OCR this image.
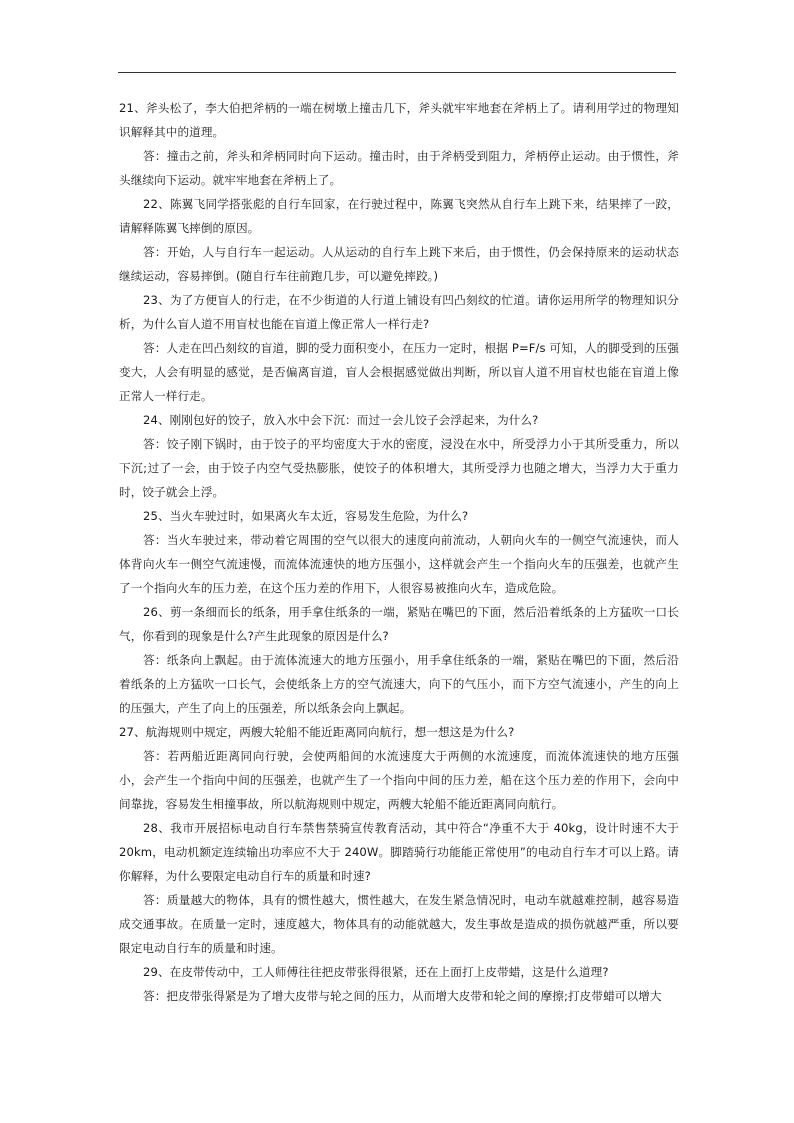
21、斧头松了，李大伯把斧柄的一端在树墩上撞击几下，斧头就牢牢地套在斧柄上了。请利用学过的物理知识解释其中的道理。

答：撞击之前，斧头和斧柄同时向下运动。撞击时，由于斧柄受到阻力，斧柄停止运动。由于惯性，斧头继续向下运动。就牢牢地套在斧柄上了。

22、陈翼飞同学搭张彪的自行车回家，在行驶过程中，陈翼飞突然从自行车上跳下来，结果摔了一跤，请解释陈翼飞摔倒的原因。

答：开始，人与自行车一起运动。人从运动的自行车上跳下来后，由于惯性，仍会保持原来的运动状态继续运动，容易摔倒。(随自行车往前跑几步，可以避免摔跤。)

23、为了方便盲人的行走，在不少街道的人行道上铺设有凹凸刻纹的忙道。请你运用所学的物理知识分析，为什么盲人道不用盲杖也能在盲道上像正常人一样行走?

答：人走在凹凸刻纹的盲道，脚的受力面积变小，在压力一定时，根据 P=F/s 可知，人的脚受到的压强变大，人会有明显的感觉，是否偏离盲道，盲人会根据感觉做出判断，所以盲人道不用盲杖也能在盲道上像正常人一样行走。

24、刚刚包好的饺子，放入水中会下沉：而过一会儿饺子会浮起来，为什么?

答：饺子刚下锅时，由于饺子的平均密度大于水的密度，浸没在水中，所受浮力小于其所受重力，所以下沉;过了一会，由于饺子内空气受热膨胀，使饺子的体积增大，其所受浮力也随之增大，当浮力大于重力时，饺子就会上浮。

25、当火车驶过时，如果离火车太近，容易发生危险，为什么?

答：当火车驶过来，带动着它周围的空气以很大的速度向前流动，人朝向火车的一侧空气流速快，而人体背向火车一侧空气流速慢，而流体流速快的地方压强小，这样就会产生一个指向火车的压强差，也就产生了一个指向火车的压力差，在这个压力差的作用下，人很容易被推向火车，造成危险。

26、剪一条细而长的纸条，用手拿住纸条的一端，紧贴在嘴巴的下面，然后沿着纸条的上方猛吹一口长气，你看到的现象是什么?产生此现象的原因是什么?

答：纸条向上飘起。由于流体流速大的地方压强小，用手拿住纸条的一端，紧贴在嘴巴的下面，然后沿着纸条的上方猛吹一口长气，会使纸条上方的空气流速大，向下的气压小，而下方空气流速小，产生的向上的压强大，产生了向上的压强差，所以纸条会向上飘起。

27、航海规则中规定，两艘大轮船不能近距离同向航行，想一想这是为什么?

答：若两船近距离同向行驶，会使两船间的水流速度大于两侧的水流速度，而流体流速快的地方压强小，会产生一个指向中间的压强差，也就产生了一个指向中间的压力差，船在这个压力差的作用下，会向中间靠拢，容易发生相撞事故，所以航海规则中规定，两艘大轮船不能近距离同向航行。

28、我市开展招标电动自行车禁售禁骑宣传教育活动，其中符合“净重不大于 40kg，设计时速不大于 20km，电动机额定连续输出功率应不大于 240W。脚踏骑行功能能正常使用”的电动自行车才可以上路。请你解释，为什么要限定电动自行车的质量和时速?

答：质量越大的物体，具有的惯性越大，惯性越大，在发生紧急情况时，电动车就越难控制，越容易造成交通事故。在质量一定时，速度越大，物体具有的动能就越大，发生事故是造成的损伤就越严重，所以要限定电动自行车的质量和时速。

29、在皮带传动中，工人师傅往往把皮带张得很紧，还在上面打上皮带蜡，这是什么道理?

答：把皮带张得紧是为了增大皮带与轮之间的压力，从而增大皮带和轮之间的摩擦;打皮带蜡可以增大
